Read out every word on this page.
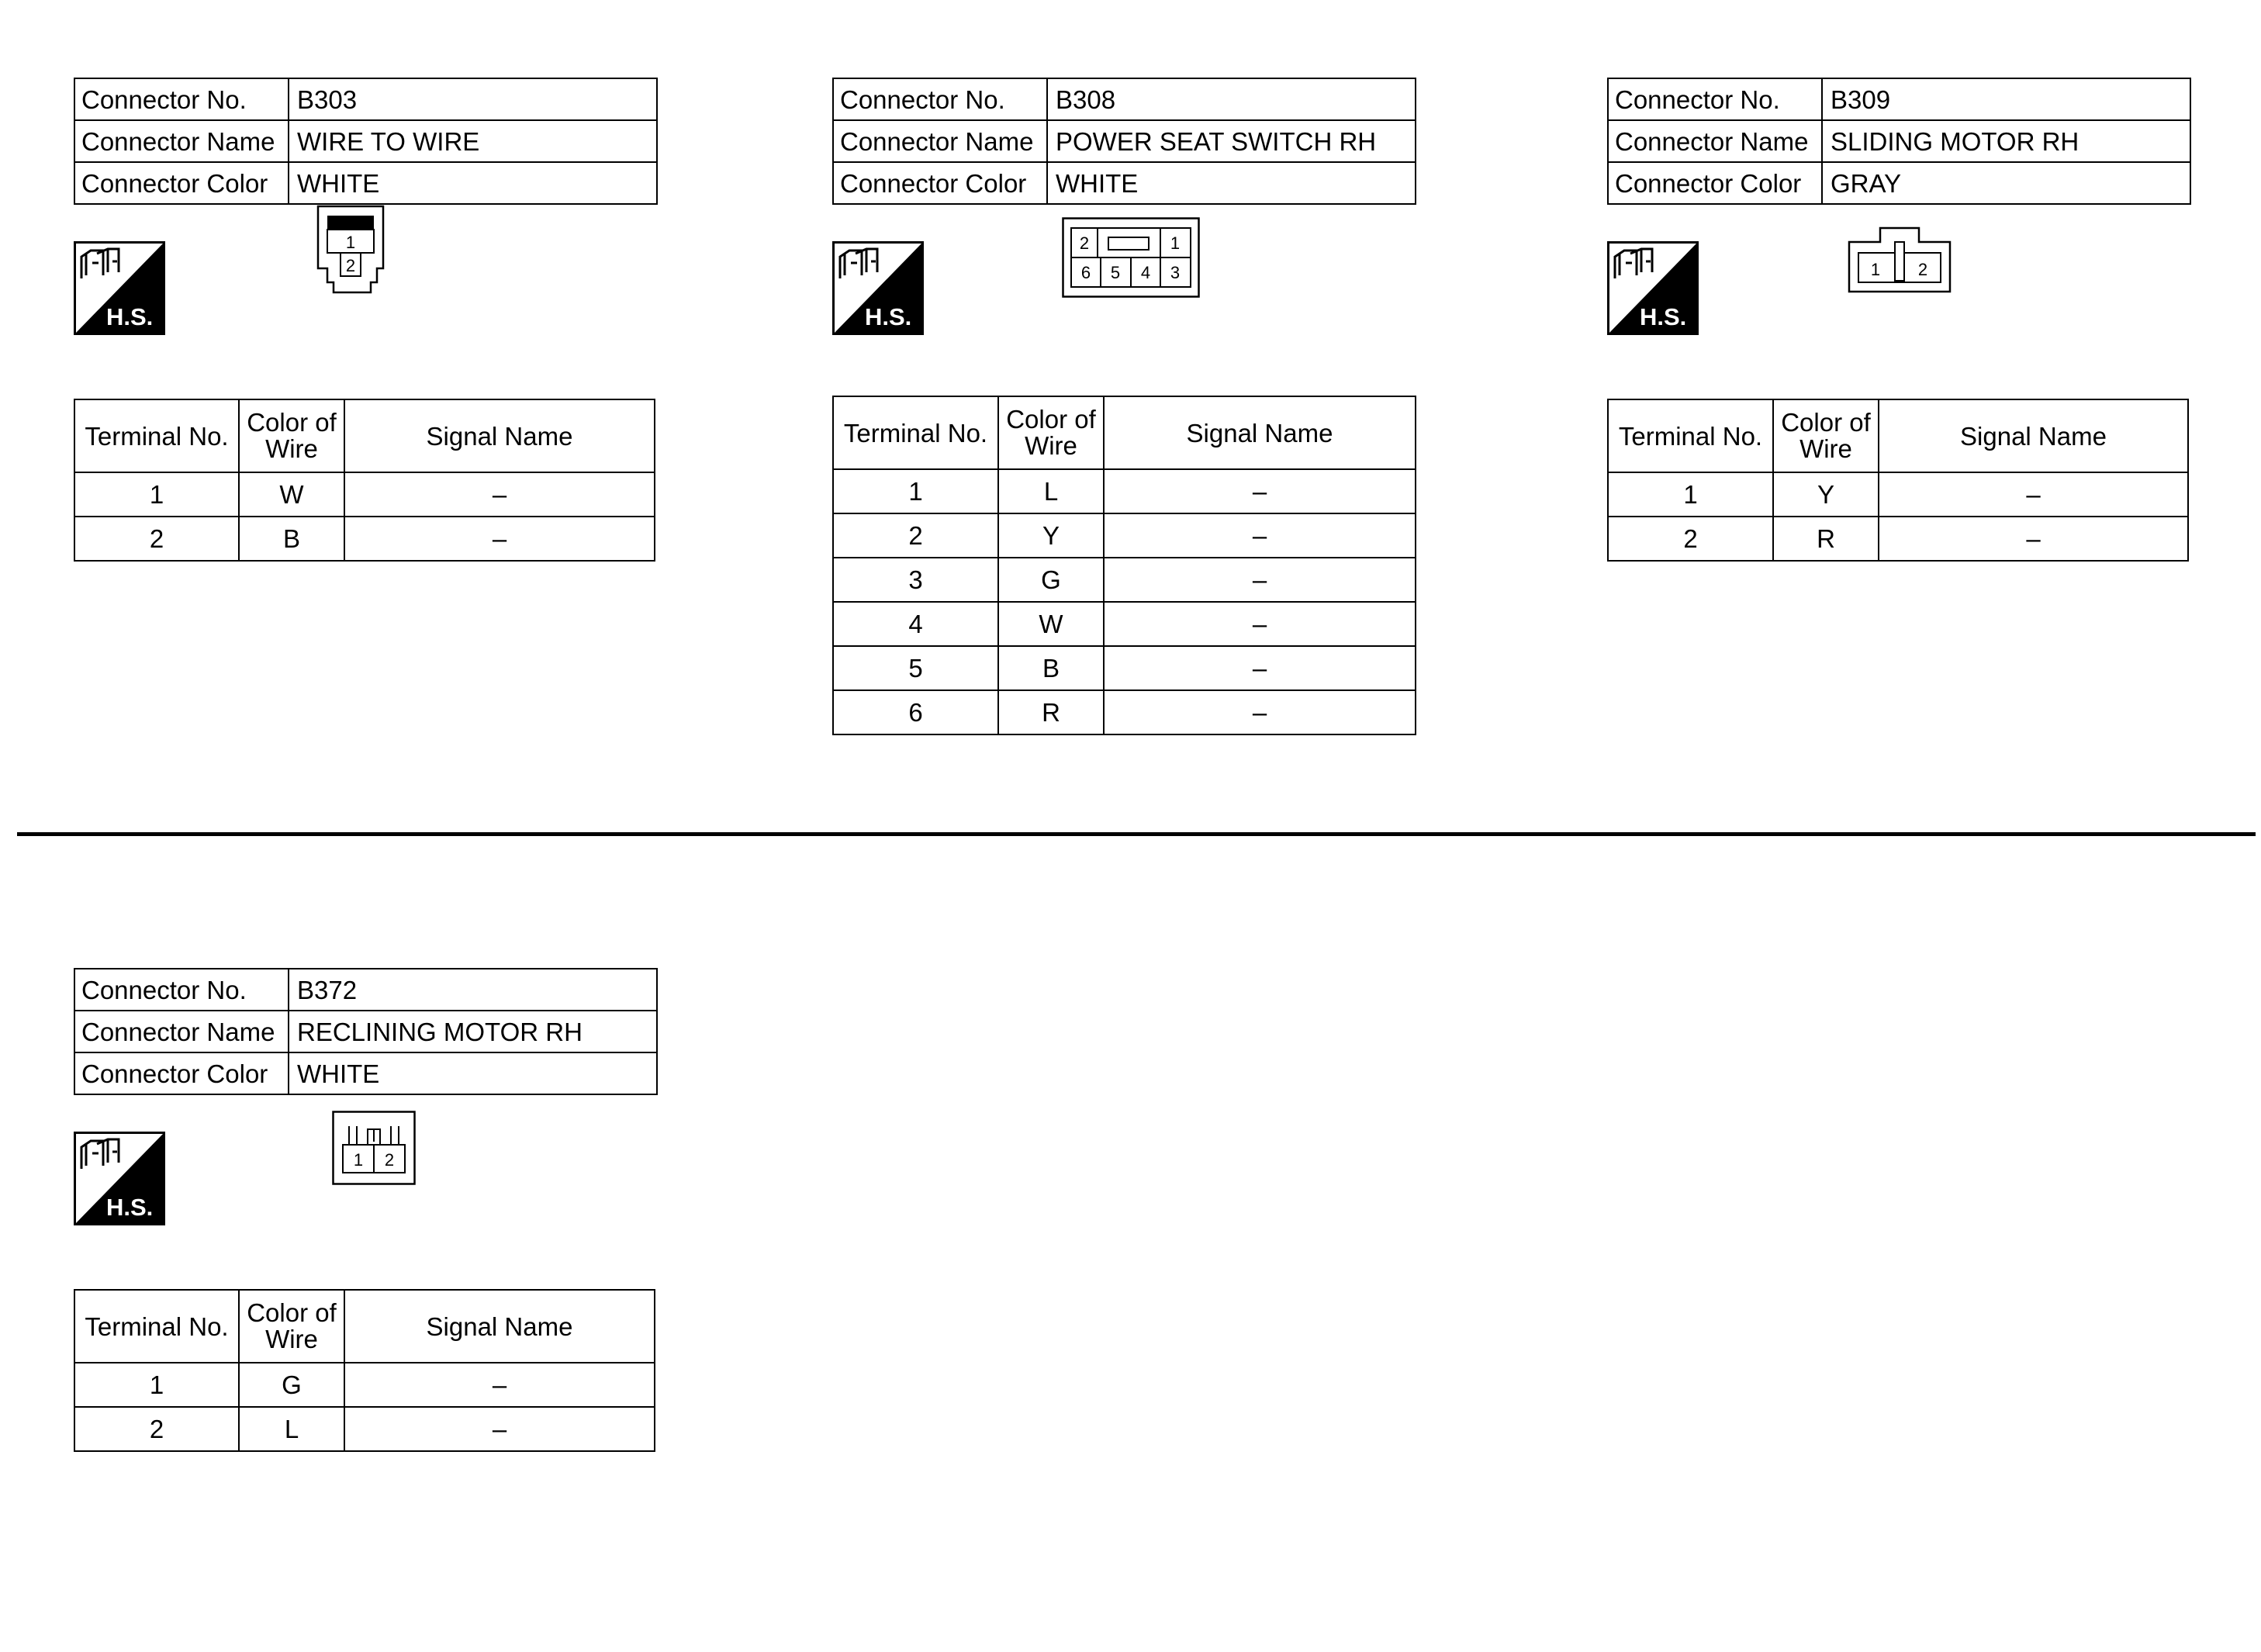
Connector No.	B303
Connector Name	WIRE TO WIRE
Connector Color	WHITE
H.S.
1
2
Terminal No.	Color of Wire	Signal Name
1	W	–
2	B	–
Connector No.	B308
Connector Name	POWER SEAT SWITCH RH
Connector Color	WHITE
H.S.
2	1
6 5 4 3
Terminal No.	Color of Wire	Signal Name
1	L	–
2	Y	–
3	G	–
4	W	–
5	B	–
6	R	–
Connector No.	B309
Connector Name	SLIDING MOTOR RH
Connector Color	GRAY
H.S.
1 2
Terminal No.	Color of Wire	Signal Name
1	Y	–
2	R	–
Connector No.	B372
Connector Name	RECLINING MOTOR RH
Connector Color	WHITE
H.S.
1 2
Terminal No.	Color of Wire	Signal Name
1	G	–
2	L	–
